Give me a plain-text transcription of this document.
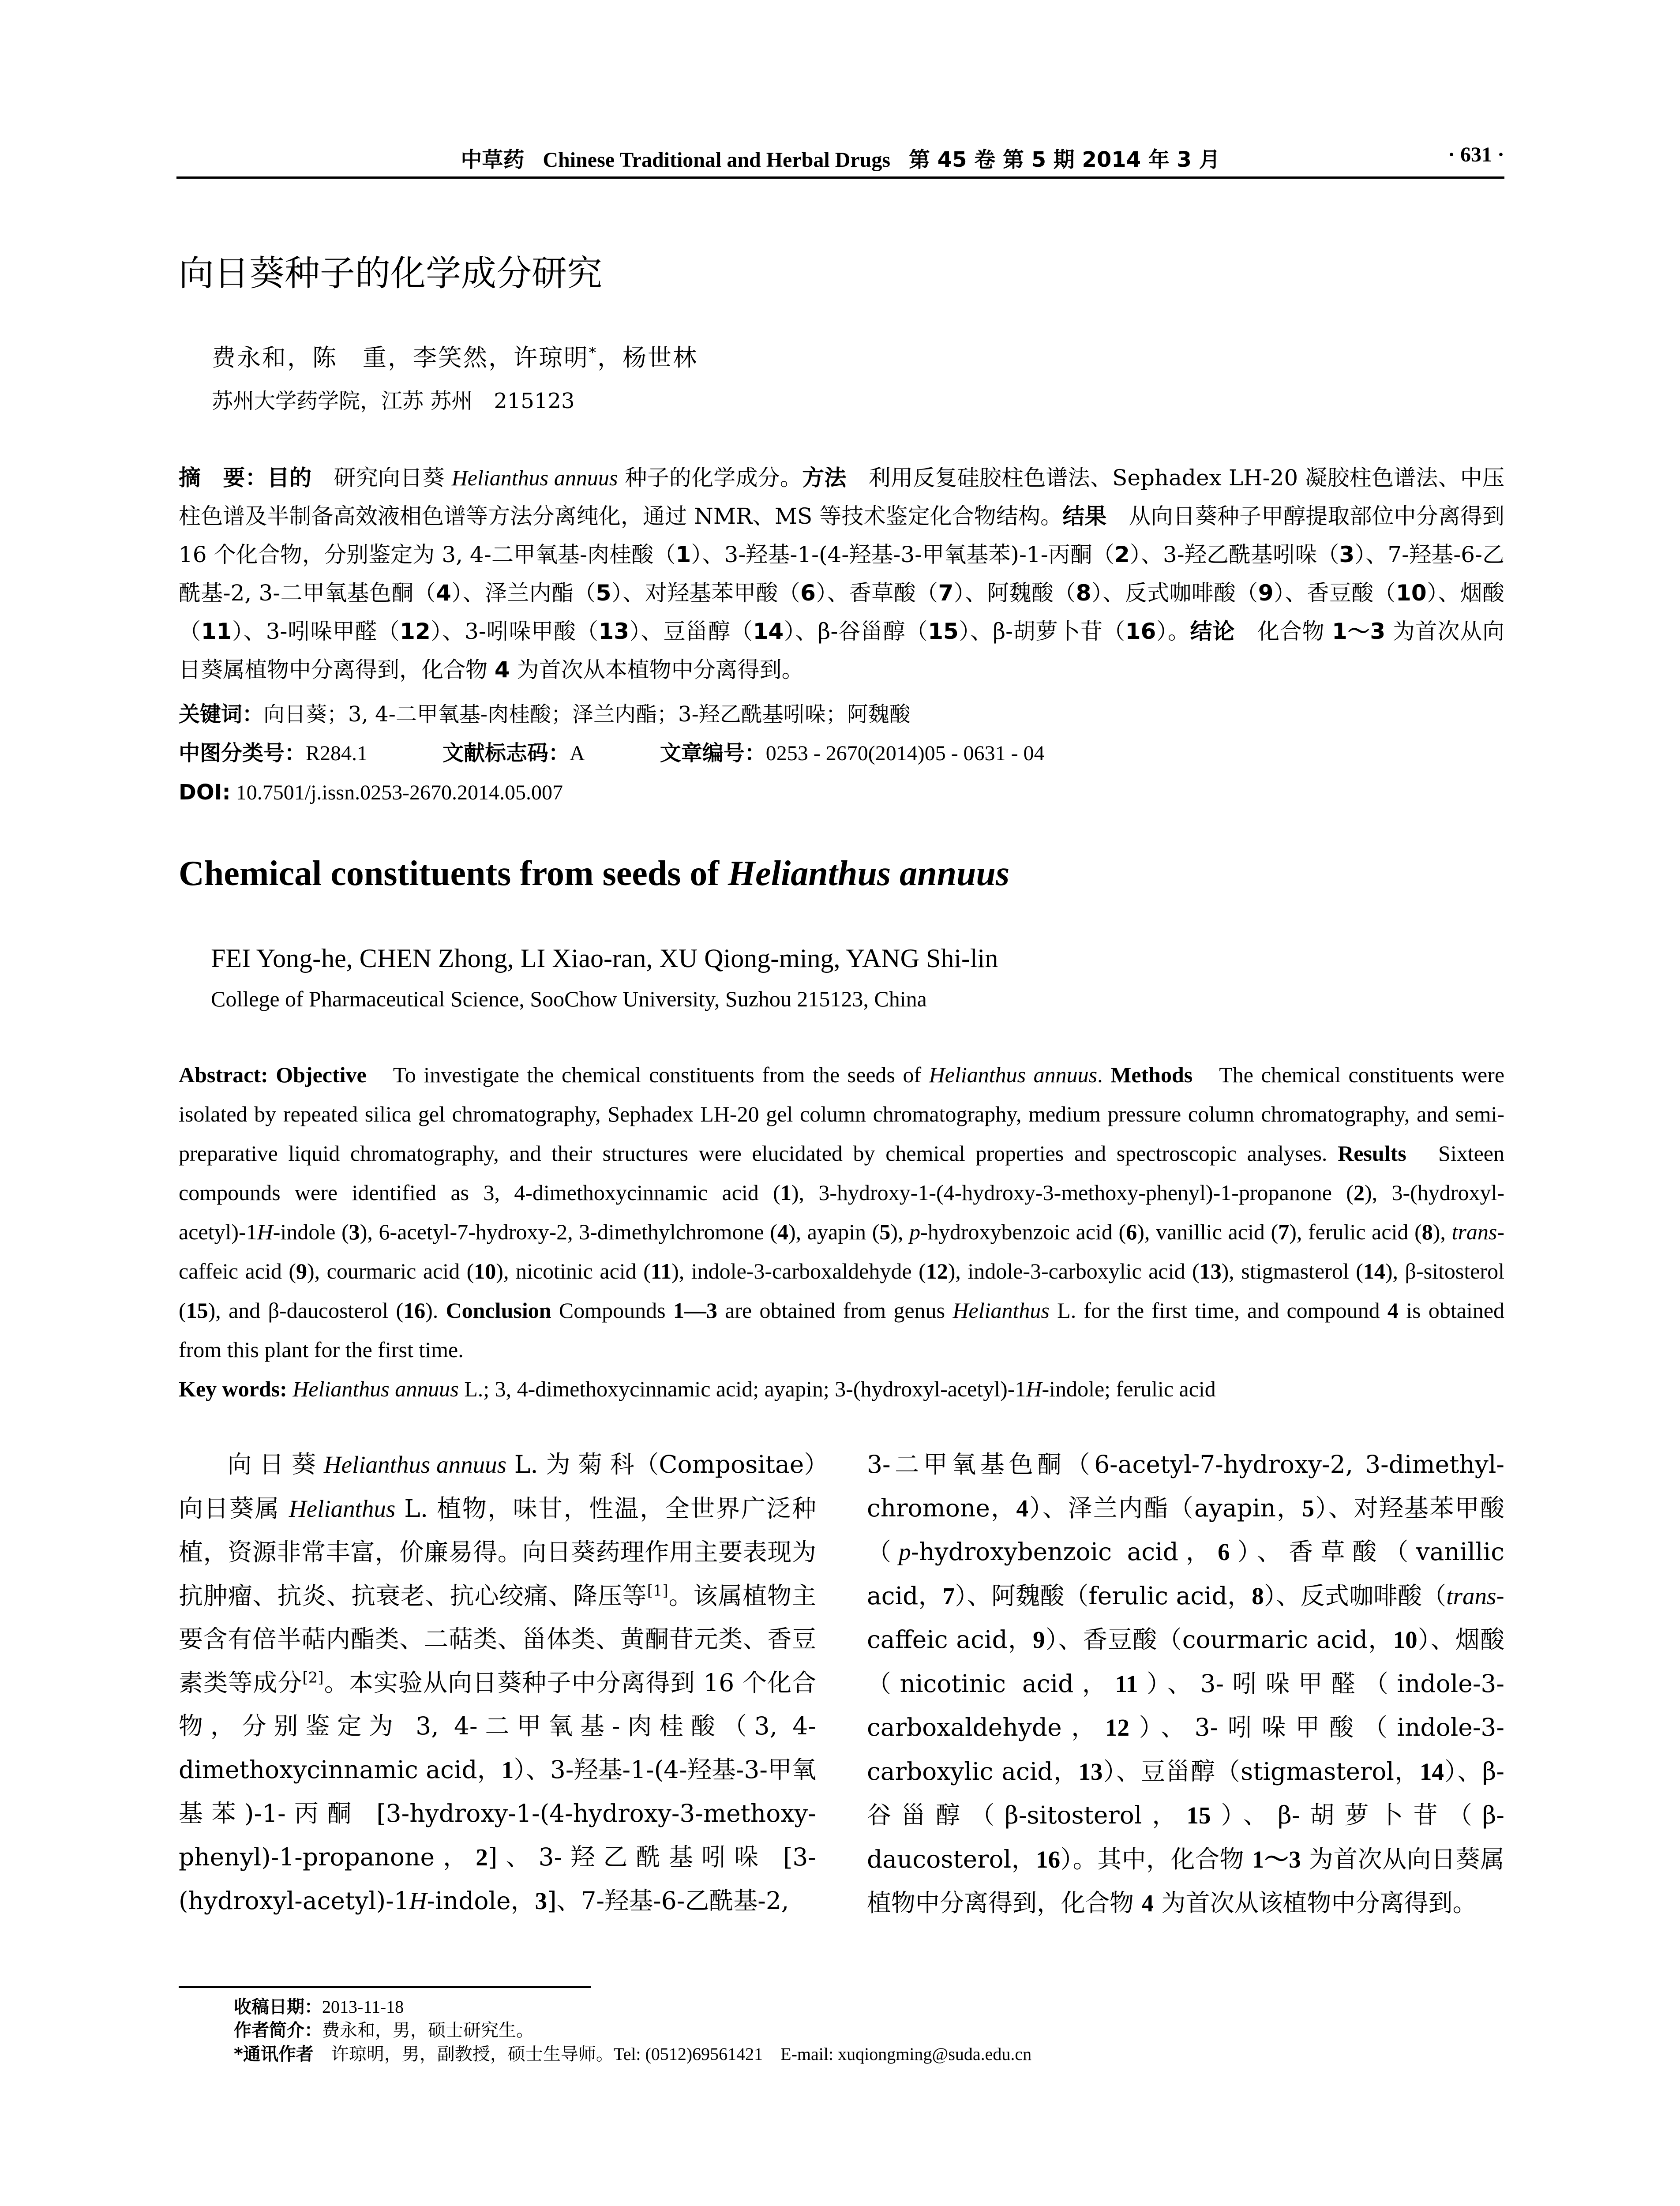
中草药 Chinese Traditional and Herbal Drugs 第 45 卷 第 5 期 2014 年 3 月	· 631 ·
向日葵种子的化学成分研究
费永和，陈　重，李笑然，许琼明*，杨世林
苏州大学药学院，江苏 苏州　215123
摘　要：目的　研究向日葵 Helianthus annuus 种子的化学成分。方法　利用反复硅胶柱色谱法、Sephadex LH-20 凝胶柱色谱法、中压柱色谱及半制备高效液相色谱等方法分离纯化，通过 NMR、MS 等技术鉴定化合物结构。结果　从向日葵种子甲醇提取部位中分离得到 16 个化合物，分别鉴定为 3, 4-二甲氧基-肉桂酸（1）、3-羟基-1-(4-羟基-3-甲氧基苯)-1-丙酮（2）、3-羟乙酰基吲哚（3）、7-羟基-6-乙酰基-2, 3-二甲氧基色酮（4）、泽兰内酯（5）、对羟基苯甲酸（6）、香草酸（7）、阿魏酸（8）、反式咖啡酸（9）、香豆酸（10）、烟酸（11）、3-吲哚甲醛（12）、3-吲哚甲酸（13）、豆甾醇（14）、β-谷甾醇（15）、β-胡萝卜苷（16）。结论　化合物 1～3 为首次从向日葵属植物中分离得到，化合物 4 为首次从本植物中分离得到。
关键词：向日葵；3, 4-二甲氧基-肉桂酸；泽兰内酯；3-羟乙酰基吲哚；阿魏酸
中图分类号：R284.1	文献标志码：A	文章编号：0253 - 2670(2014)05 - 0631 - 04
DOI: 10.7501/j.issn.0253-2670.2014.05.007
Chemical constituents from seeds of Helianthus annuus
FEI Yong-he, CHEN Zhong, LI Xiao-ran, XU Qiong-ming, YANG Shi-lin
College of Pharmaceutical Science, SooChow University, Suzhou 215123, China
Abstract: Objective　To investigate the chemical constituents from the seeds of Helianthus annuus. Methods　The chemical constituents were isolated by repeated silica gel chromatography, Sephadex LH-20 gel column chromatography, medium pressure column chromatography, and semi-preparative liquid chromatography, and their structures were elucidated by chemical properties and spectroscopic analyses. Results　Sixteen compounds were identified as 3, 4-dimethoxycinnamic acid (1), 3-hydroxy-1-(4-hydroxy-3-methoxy-phenyl)-1-propanone (2), 3-(hydroxyl-acetyl)-1H-indole (3), 6-acetyl-7-hydroxy-2, 3-dimethylchromone (4), ayapin (5), p-hydroxybenzoic acid (6), vanillic acid (7), ferulic acid (8), trans-caffeic acid (9), courmaric acid (10), nicotinic acid (11), indole-3-carboxaldehyde (12), indole-3-carboxylic acid (13), stigmasterol (14), β-sitosterol (15), and β-daucosterol (16). Conclusion Compounds 1—3 are obtained from genus Helianthus L. for the first time, and compound 4 is obtained from this plant for the first time.
Key words: Helianthus annuus L.; 3, 4-dimethoxycinnamic acid; ayapin; 3-(hydroxyl-acetyl)-1H-indole; ferulic acid
　　向 日 葵 Helianthus annuus L. 为 菊 科（Compositae）向日葵属 Helianthus L. 植物，味甘，性温，全世界广泛种植，资源非常丰富，价廉易得。向日葵药理作用主要表现为抗肿瘤、抗炎、抗衰老、抗心绞痛、降压等[1]。该属植物主要含有倍半萜内酯类、二萜类、甾体类、黄酮苷元类、香豆素类等成分[2]。本实验从向日葵种子中分离得到 16 个化合物，分别鉴定为 3, 4-二甲氧基-肉桂酸（3, 4-dimethoxycinnamic acid，1）、3-羟基-1-(4-羟基-3-甲氧基苯)-1-丙酮 [3-hydroxy-1-(4-hydroxy-3-methoxy-phenyl)-1-propanone，2]、3-羟乙酰基吲哚 [3-(hydroxyl-acetyl)-1H-indole，3]、7-羟基-6-乙酰基-2,
3-二甲氧基色酮（6-acetyl-7-hydroxy-2, 3-dimethyl-chromone，4）、泽兰内酯（ayapin，5）、对羟基苯甲酸（p-hydroxybenzoic acid，6）、香草酸（vanillic acid，7）、阿魏酸（ferulic acid，8）、反式咖啡酸（trans-caffeic acid，9）、香豆酸（courmaric acid，10）、烟酸（nicotinic acid，11）、3-吲哚甲醛（indole-3-carboxaldehyde，12）、3-吲哚甲酸（indole-3-carboxylic acid，13）、豆甾醇（stigmasterol，14）、β-谷甾醇（β-sitosterol，15）、β-胡萝卜苷（β-daucosterol，16）。其中，化合物 1～3 为首次从向日葵属植物中分离得到，化合物 4 为首次从该植物中分离得到。
收稿日期：2013-11-18
作者简介：费永和，男，硕士研究生。
*通讯作者　许琼明，男，副教授，硕士生导师。Tel: (0512)69561421　E-mail: xuqiongming@suda.edu.cn
